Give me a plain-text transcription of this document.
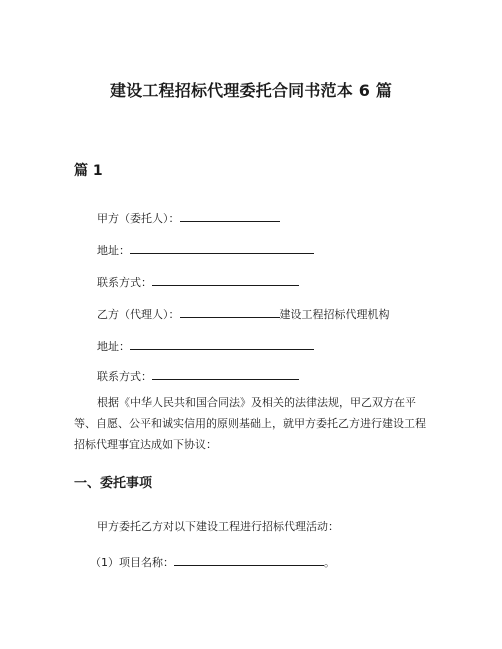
建设工程招标代理委托合同书范本 6 篇
篇 1
甲方（委托人）：
地址：
联系方式：
乙方（代理人）：	建设工程招标代理机构
地址：
联系方式：

根据《中华人民共和国合同法》及相关的法律法规，甲乙双方在平等、自愿、公平和诚实信用的原则基础上，就甲方委托乙方进行建设工程招标代理事宜达成如下协议：

一、委托事项
甲方委托乙方对以下建设工程进行招标代理活动：
（1）项目名称：	。
